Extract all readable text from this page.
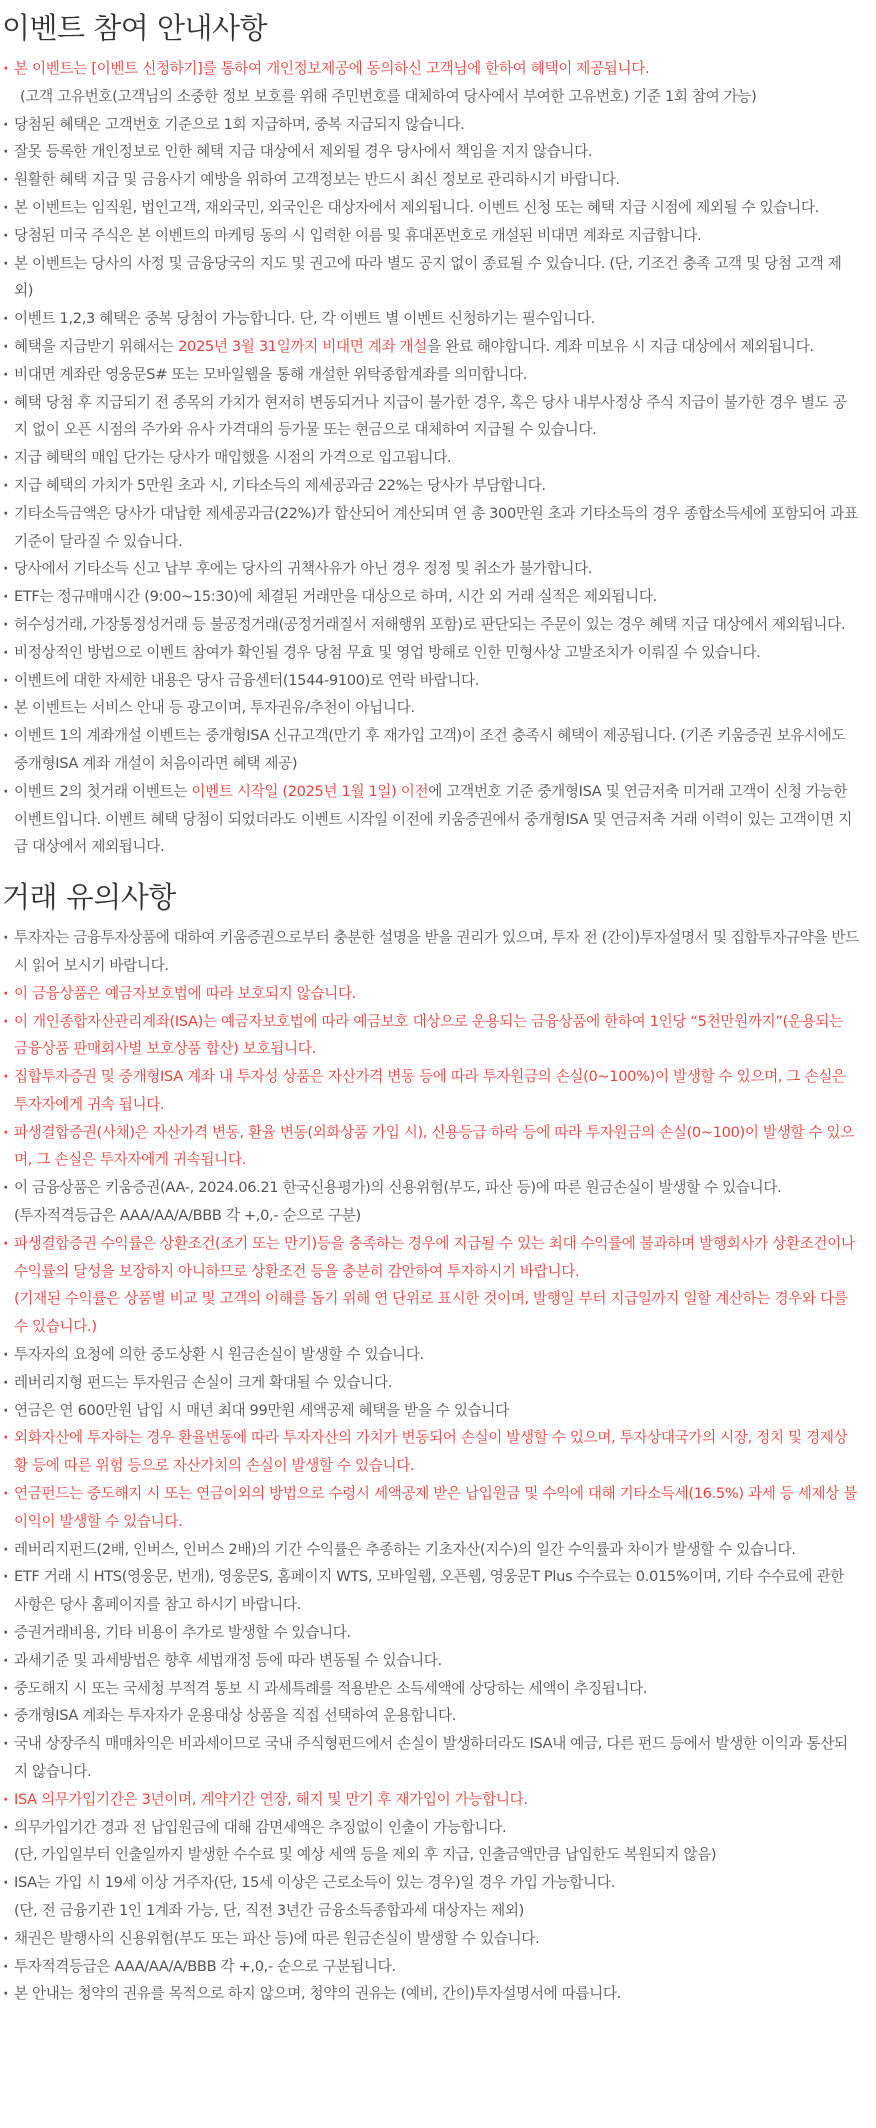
이벤트 참여 안내사항
· 본 이벤트는 [이벤트 신청하기]를 통하여 개인정보제공에 동의하신 고객님에 한하여 혜택이 제공됩니다.
(고객 고유번호(고객님의 소중한 정보 보호를 위해 주민번호를 대체하여 당사에서 부여한 고유번호) 기준 1회 참여 가능)
· 당첨된 혜택은 고객번호 기준으로 1회 지급하며, 중복 지급되지 않습니다.
· 잘못 등록한 개인정보로 인한 혜택 지급 대상에서 제외될 경우 당사에서 책임을 지지 않습니다.
· 원활한 혜택 지급 및 금융사기 예방을 위하여 고객정보는 반드시 최신 정보로 관리하시기 바랍니다.
· 본 이벤트는 임직원, 법인고객, 재외국민, 외국인은 대상자에서 제외됩니다. 이벤트 신청 또는 혜택 지급 시점에 제외될 수 있습니다.
· 당첨된 미국 주식은 본 이벤트의 마케팅 동의 시 입력한 이름 및 휴대폰번호로 개설된 비대면 계좌로 지급합니다.
· 본 이벤트는 당사의 사정 및 금융당국의 지도 및 권고에 따라 별도 공지 없이 종료될 수 있습니다. (단, 기조건 충족 고객 및 당첨 고객 제외)
· 이벤트 1,2,3 혜택은 중복 당첨이 가능합니다. 단, 각 이벤트 별 이벤트 신청하기는 필수입니다.
· 혜택을 지급받기 위해서는 2025년 3월 31일까지 비대면 계좌 개설을 완료 해야합니다. 계좌 미보유 시 지급 대상에서 제외됩니다.
· 비대면 계좌란 영웅문S# 또는 모바일웹을 통해 개설한 위탁종합계좌를 의미합니다.
· 혜택 당첨 후 지급되기 전 종목의 가치가 현저히 변동되거나 지급이 불가한 경우, 혹은 당사 내부사정상 주식 지급이 불가한 경우 별도 공지 없이 오픈 시점의 주가와 유사 가격대의 등가물 또는 현금으로 대체하여 지급될 수 있습니다.
· 지급 혜택의 매입 단가는 당사가 매입했을 시점의 가격으로 입고됩니다.
· 지급 혜택의 가치가 5만원 초과 시, 기타소득의 제세공과금 22%는 당사가 부담합니다.
· 기타소득금액은 당사가 대납한 제세공과금(22%)가 합산되어 계산되며 연 총 300만원 초과 기타소득의 경우 종합소득세에 포함되어 과표기준이 달라질 수 있습니다.
· 당사에서 기타소득 신고 납부 후에는 당사의 귀책사유가 아닌 경우 정정 및 취소가 불가합니다.
· ETF는 정규매매시간 (9:00~15:30)에 체결된 거래만을 대상으로 하며, 시간 외 거래 실적은 제외됩니다.
· 허수성거래, 가장통정성거래 등 불공정거래(공정거래질서 저해행위 포함)로 판단되는 주문이 있는 경우 혜택 지급 대상에서 제외됩니다.
· 비정상적인 방법으로 이벤트 참여가 확인될 경우 당첨 무효 및 영업 방해로 인한 민형사상 고발조치가 이뤄질 수 있습니다.
· 이벤트에 대한 자세한 내용은 당사 금융센터(1544-9100)로 연락 바랍니다.
· 본 이벤트는 서비스 안내 등 광고이며, 투자권유/추천이 아닙니다.
· 이벤트 1의 계좌개설 이벤트는 중개형ISA 신규고객(만기 후 재가입 고객)이 조건 충족시 혜택이 제공됩니다. (기존 키움증권 보유시에도 중개형ISA 계좌 개설이 처음이라면 혜택 제공)
· 이벤트 2의 첫거래 이벤트는 이벤트 시작일 (2025년 1월 1일) 이전에 고객번호 기준 중개형ISA 및 연금저축 미거래 고객이 신청 가능한 이벤트입니다. 이벤트 혜택 당첨이 되었더라도 이벤트 시작일 이전에 키움증권에서 중개형ISA 및 연금저축 거래 이력이 있는 고객이면 지급 대상에서 제외됩니다.
거래 유의사항
· 투자자는 금융투자상품에 대하여 키움증권으로부터 충분한 설명을 받을 권리가 있으며, 투자 전 (간이)투자설명서 및 집합투자규약을 반드시 읽어 보시기 바랍니다.
· 이 금융상품은 예금자보호법에 따라 보호되지 않습니다.
· 이 개인종합자산관리계좌(ISA)는 예금자보호법에 따라 예금보호 대상으로 운용되는 금융상품에 한하여 1인당 “5천만원까지”(운용되는 금융상품 판매회사별 보호상품 합산) 보호됩니다.
· 집합투자증권 및 중개형ISA 계좌 내 투자성 상품은 자산가격 변동 등에 따라 투자원금의 손실(0~100%)이 발생할 수 있으며, 그 손실은 투자자에게 귀속 됩니다.
· 파생결합증권(사채)은 자산가격 변동, 환율 변동(외화상품 가입 시), 신용등급 하락 등에 따라 투자원금의 손실(0~100)이 발생할 수 있으며, 그 손실은 투자자에게 귀속됩니다.
· 이 금융상품은 키움증권(AA-, 2024.06.21 한국신용평가)의 신용위험(부도, 파산 등)에 따른 원금손실이 발생할 수 있습니다.
(투자적격등급은 AAA/AA/A/BBB 각 +,0,- 순으로 구분)
· 파생결합증권 수익률은 상환조건(조기 또는 만기)등을 충족하는 경우에 지급될 수 있는 최대 수익률에 불과하며 발행회사가 상환조건이나 수익률의 달성을 보장하지 아니하므로 상환조건 등을 충분히 감안하여 투자하시기 바랍니다.
(기재된 수익률은 상품별 비교 및 고객의 이해를 돕기 위해 연 단위로 표시한 것이며, 발행일 부터 지급일까지 일할 계산하는 경우와 다를 수 있습니다.)
· 투자자의 요청에 의한 중도상환 시 원금손실이 발생할 수 있습니다.
· 레버리지형 펀드는 투자원금 손실이 크게 확대될 수 있습니다.
· 연금은 연 600만원 납입 시 매년 최대 99만원 세액공제 혜택을 받을 수 있습니다
· 외화자산에 투자하는 경우 환율변동에 따라 투자자산의 가치가 변동되어 손실이 발생할 수 있으며, 투자상대국가의 시장, 정치 및 경제상황 등에 따른 위험 등으로 자산가치의 손실이 발생할 수 있습니다.
· 연금펀드는 중도해지 시 또는 연금이외의 방법으로 수령시 세액공제 받은 납입원금 및 수익에 대해 기타소득세(16.5%) 과세 등 세제상 불이익이 발생할 수 있습니다.
· 레버리지펀드(2배, 인버스, 인버스 2배)의 기간 수익률은 추종하는 기초자산(지수)의 일간 수익률과 차이가 발생할 수 있습니다.
· ETF 거래 시 HTS(영웅문, 번개), 영웅문S, 홈페이지 WTS, 모바일웹, 오픈웹, 영웅문T Plus 수수료는 0.015%이며, 기타 수수료에 관한 사항은 당사 홈페이지를 참고 하시기 바랍니다.
· 증권거래비용, 기타 비용이 추가로 발생할 수 있습니다.
· 과세기준 및 과세방법은 향후 세법개정 등에 따라 변동될 수 있습니다.
· 중도해지 시 또는 국세청 부적격 통보 시 과세특례를 적용받은 소득세액에 상당하는 세액이 추징됩니다.
· 중개형ISA 계좌는 투자자가 운용대상 상품을 직접 선택하여 운용합니다.
· 국내 상장주식 매매차익은 비과세이므로 국내 주식형펀드에서 손실이 발생하더라도 ISA내 예금, 다른 펀드 등에서 발생한 이익과 통산되지 않습니다.
· ISA 의무가입기간은 3년이며, 계약기간 연장, 해지 및 만기 후 재가입이 가능합니다.
· 의무가입기간 경과 전 납입원금에 대해 감면세액은 추징없이 인출이 가능합니다.
(단, 가입일부터 인출일까지 발생한 수수료 및 예상 세액 등을 제외 후 지급, 인출금액만큼 납입한도 복원되지 않음)
· ISA는 가입 시 19세 이상 거주자(단, 15세 이상은 근로소득이 있는 경우)일 경우 가입 가능합니다.
(단, 전 금융기관 1인 1계좌 가능, 단, 직전 3년간 금융소득종합과세 대상자는 제외)
· 채권은 발행사의 신용위험(부도 또는 파산 등)에 따른 원금손실이 발생할 수 있습니다.
· 투자적격등급은 AAA/AA/A/BBB 각 +,0,- 순으로 구분됩니다.
· 본 안내는 청약의 권유를 목적으로 하지 않으며, 청약의 권유는 (예비, 간이)투자설명서에 따릅니다.
